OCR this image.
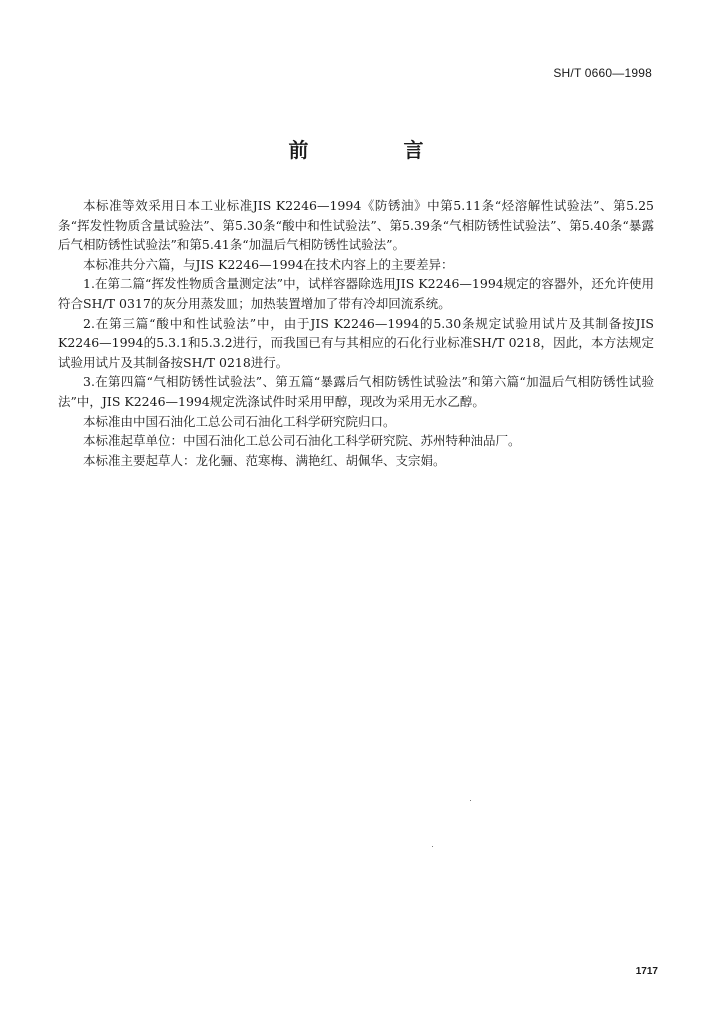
SH/T 0660—1998
前 言

本标准等效采用日本工业标准JIS K2246—1994《防锈油》中第5.11条“烃溶解性试验法”、第5.25条“挥发性物质含量试验法”、第5.30条“酸中和性试验法”、第5.39条“气相防锈性试验法”、第5.40条“暴露后气相防锈性试验法”和第5.41条“加温后气相防锈性试验法”。

本标准共分六篇，与JIS K2246—1994在技术内容上的主要差异：

1.在第二篇“挥发性物质含量测定法”中，试样容器除选用JIS K2246—1994规定的容器外，还允许使用符合SH/T 0317的灰分用蒸发皿；加热装置增加了带有冷却回流系统。

2.在第三篇“酸中和性试验法”中，由于JIS K2246—1994的5.30条规定试验用试片及其制备按JIS K2246—1994的5.3.1和5.3.2进行，而我国已有与其相应的石化行业标准SH/T 0218，因此，本方法规定试验用试片及其制备按SH/T 0218进行。

3.在第四篇“气相防锈性试验法”、第五篇“暴露后气相防锈性试验法”和第六篇“加温后气相防锈性试验法”中，JIS K2246—1994规定洗涤试件时采用甲醇，现改为采用无水乙醇。

本标准由中国石油化工总公司石油化工科学研究院归口。

本标准起草单位：中国石油化工总公司石油化工科学研究院、苏州特种油品厂。

本标准主要起草人：龙化骊、范寒梅、满艳红、胡佩华、支宗娟。

1717
